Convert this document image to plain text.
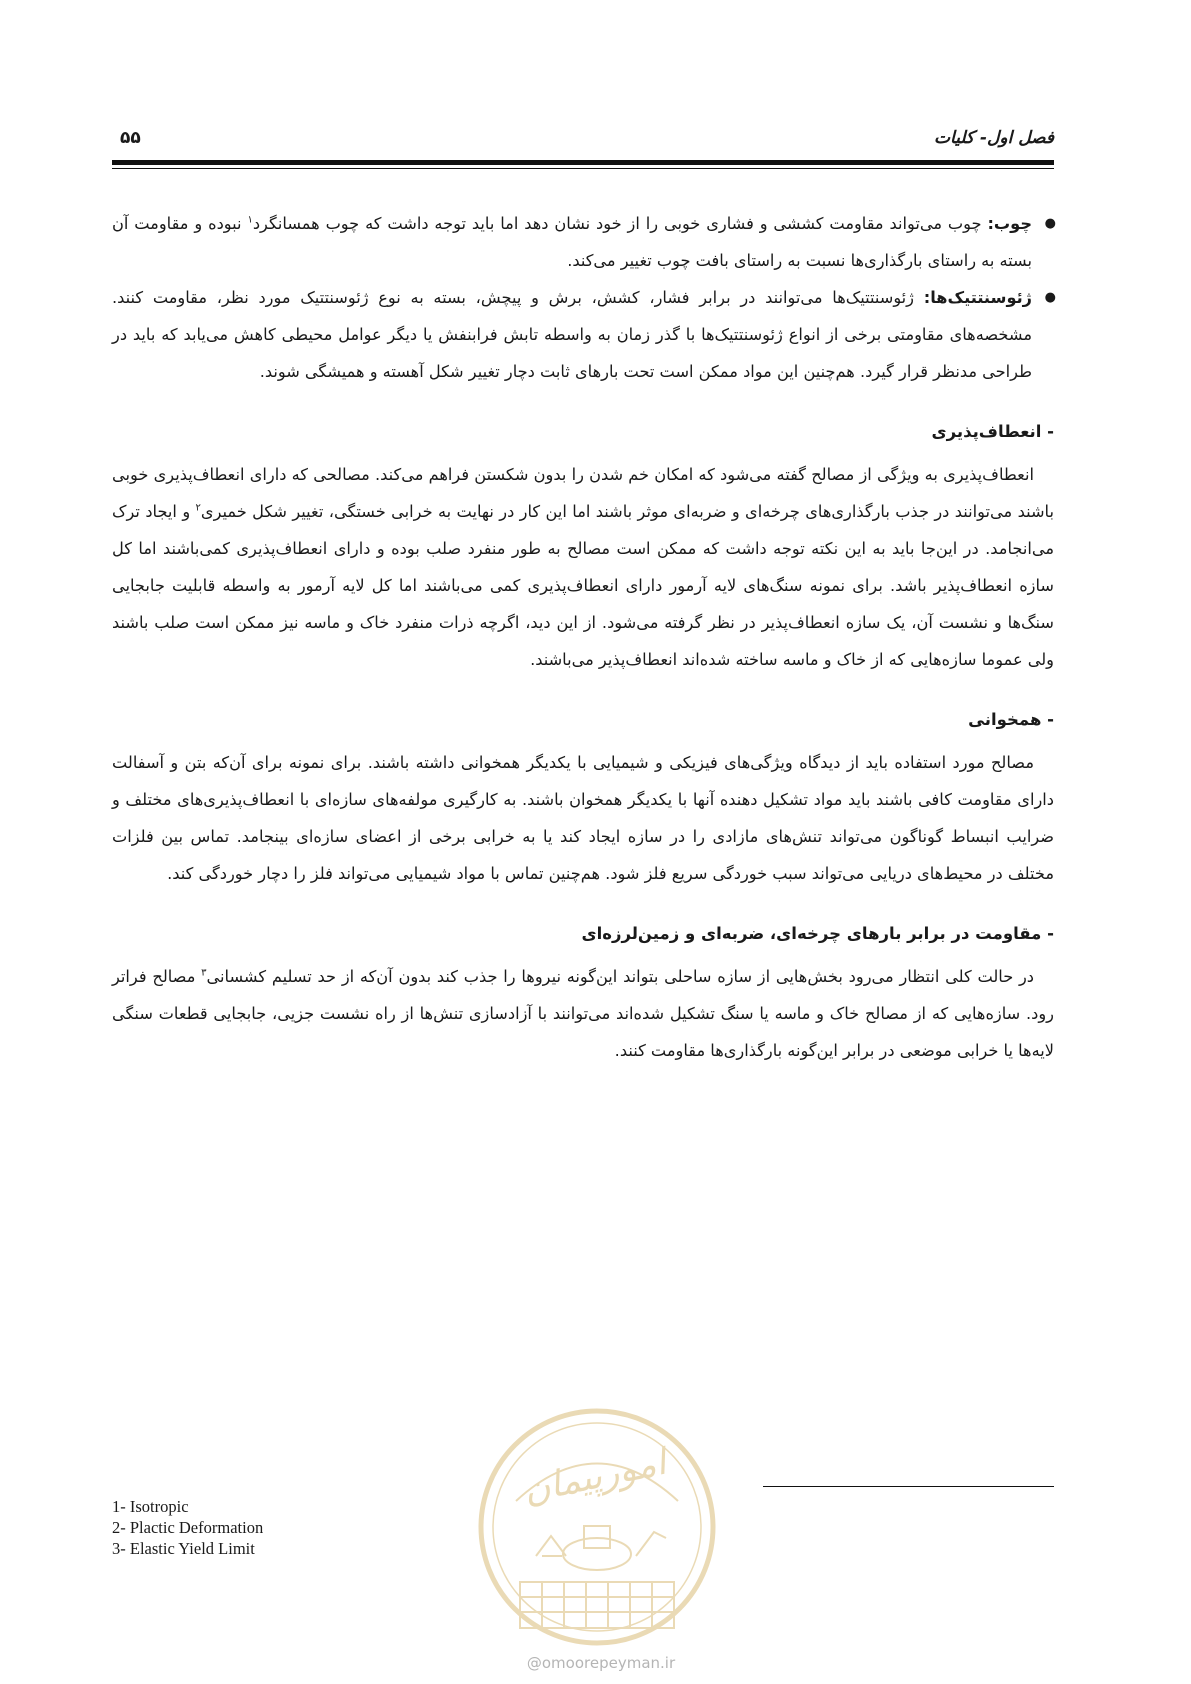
فصل اول- کلیات
۵۵
●
چوب: چوب می‌تواند مقاومت کششی و فشاری خوبی را از خود نشان دهد اما باید توجه داشت که چوب همسانگرد$^۱$ نبوده و مقاومت آن بسته به راستای بارگذاری‌ها نسبت به راستای بافت چوب تغییر می‌کند.
●
ژئوسنتتیک‌ها: ژئوسنتتیک‌ها می‌توانند در برابر فشار، کشش، برش و پیچش، بسته به نوع ژئوسنتتیک مورد نظر، مقاومت کنند. مشخصه‌های مقاومتی برخی از انواع ژئوسنتتیک‌ها با گذر زمان به واسطه تابش فرابنفش یا دیگر عوامل محیطی کاهش می‌یابد که باید در طراحی مدنظر قرار گیرد. هم‌چنین این مواد ممکن است تحت بارهای ثابت دچار تغییر شکل آهسته و همیشگی شوند.
- انعطاف‌پذیری

انعطاف‌پذیری به ویژگی از مصالح گفته می‌شود که امکان خم شدن را بدون شکستن فراهم می‌کند. مصالحی که دارای انعطاف‌پذیری خوبی باشند می‌توانند در جذب بارگذاری‌های چرخه‌ای و ضربه‌ای موثر باشند اما این کار در نهایت به خرابی خستگی، تغییر شکل خمیری$^۲$ و ایجاد ترک می‌انجامد. در این‌جا باید به این نکته توجه داشت که ممکن است مصالح به طور منفرد صلب بوده و دارای انعطاف‌پذیری کمی‌باشند اما کل سازه انعطاف‌پذیر باشد. برای نمونه سنگ‌های لایه آرمور دارای انعطاف‌پذیری کمی می‌باشند اما کل لایه آرمور به واسطه قابلیت جابجایی سنگ‌ها و نشست آن، یک سازه انعطاف‌پذیر در نظر گرفته می‌شود. از این دید، اگرچه ذرات منفرد خاک و ماسه نیز ممکن است صلب باشند ولی عموما سازه‌هایی که از خاک و ماسه ساخته شده‌اند انعطاف‌پذیر می‌باشند.

- همخوانی

مصالح مورد استفاده باید از دیدگاه ویژگی‌های فیزیکی و شیمیایی با یکدیگر همخوانی داشته باشند. برای نمونه برای آن‌که بتن و آسفالت دارای مقاومت کافی باشند باید مواد تشکیل دهنده آنها با یکدیگر همخوان باشند. به کارگیری مولفه‌های سازه‌ای با انعطاف‌پذیری‌های مختلف و ضرایب انبساط گوناگون می‌تواند تنش‌های مازادی را در سازه ایجاد کند یا به خرابی برخی از اعضای سازه‌ای بینجامد. تماس بین فلزات مختلف در محیط‌های دریایی می‌تواند سبب خوردگی سریع فلز شود. هم‌چنین تماس با مواد شیمیایی می‌تواند فلز را دچار خوردگی کند.

- مقاومت در برابر بارهای چرخه‌ای، ضربه‌ای و زمین‌لرزه‌ای

در حالت کلی انتظار می‌رود بخش‌هایی از سازه ساحلی بتواند این‌گونه نیروها را جذب کند بدون آن‌که از حد تسلیم کشسانی$^۳$ مصالح فراتر رود. سازه‌هایی که از مصالح خاک و ماسه یا سنگ تشکیل شده‌اند می‌توانند با آزادسازی تنش‌ها از راه نشست جزیی، جابجایی قطعات سنگی لایه‌ها یا خرابی موضعی در برابر این‌گونه بارگذاری‌ها مقاومت کنند.

1- Isotropic
2- Plactic Deformation
3- Elastic Yield Limit
امورپیمان
@omoorepeyman.ir
